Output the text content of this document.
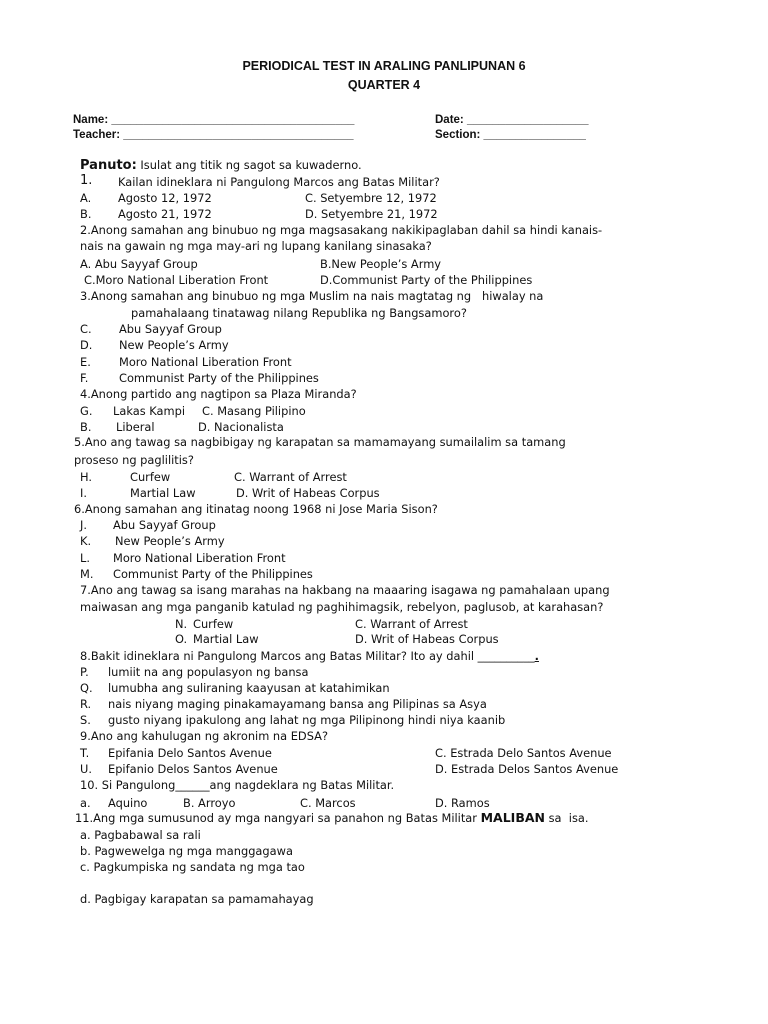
PERIODICAL TEST IN ARALING PANLIPUNAN 6
QUARTER 4
Name: ______________________________________	Date: ___________________
Teacher: ____________________________________	Section: ________________
Panuto: Isulat ang titik ng sagot sa kuwaderno.
1. Kailan idineklara ni Pangulong Marcos ang Batas Militar?
A. Agosto 12, 1972	C. Setyembre 12, 1972
B. Agosto 21, 1972	D. Setyembre 21, 1972
2.Anong samahan ang binubuo ng mga magsasakang nakikipaglaban dahil sa hindi kanais-
nais na gawain ng mga may-ari ng lupang kanilang sinasaka?
A. Abu Sayyaf Group	B.New People’s Army
C.Moro National Liberation Front	D.Communist Party of the Philippines
3.Anong samahan ang binubuo ng mga Muslim na nais magtatag ng   hiwalay na
pamahalaang tinatawag nilang Republika ng Bangsamoro?
C. Abu Sayyaf Group
D. New People’s Army
E. Moro National Liberation Front
F.	Communist Party of the Philippines
4.Anong partido ang nagtipon sa Plaza Miranda?
G. Lakas Kampi C. Masang Pilipino
B. Liberal	D. Nacionalista
5.Ano ang tawag sa nagbibigay ng karapatan sa mamamayang sumailalim sa tamang
proseso ng paglilitis?
H.	Curfew	C. Warrant of Arrest
I.	Martial Law	D. Writ of Habeas Corpus
6.Anong samahan ang itinatag noong 1968 ni Jose Maria Sison?
J. Abu Sayyaf Group
K. New People’s Army
L. Moro National Liberation Front
M. Communist Party of the Philippines
7.Ano ang tawag sa isang marahas na hakbang na maaaring isagawa ng pamahalaan upang
maiwasan ang mga panganib katulad ng paghihimagsik, rebelyon, paglusob, at karahasan?
N. Curfew	C. Warrant of Arrest
O. Martial Law	D. Writ of Habeas Corpus
8.Bakit idineklara ni Pangulong Marcos ang Batas Militar? Ito ay dahil __________.
P. lumiit na ang populasyon ng bansa
Q. lumubha ang suliraning kaayusan at katahimikan
R. nais niyang maging pinakamayamang bansa ang Pilipinas sa Asya
S. gusto niyang ipakulong ang lahat ng mga Pilipinong hindi niya kaanib
9.Ano ang kahulugan ng akronim na EDSA?
T. Epifania Delo Santos Avenue	C. Estrada Delo Santos Avenue
U. Epifanio Delos Santos Avenue	D. Estrada Delos Santos Avenue
10. Si Pangulong______ang nagdeklara ng Batas Militar.
a. Aquino	B. Arroyo	C. Marcos	D. Ramos
11.Ang mga sumusunod ay mga nangyari sa panahon ng Batas Militar MALIBAN sa  isa.
a. Pagbabawal sa rali
b. Pagwewelga ng mga manggagawa
c. Pagkumpiska ng sandata ng mga tao
d. Pagbigay karapatan sa pamamahayag
